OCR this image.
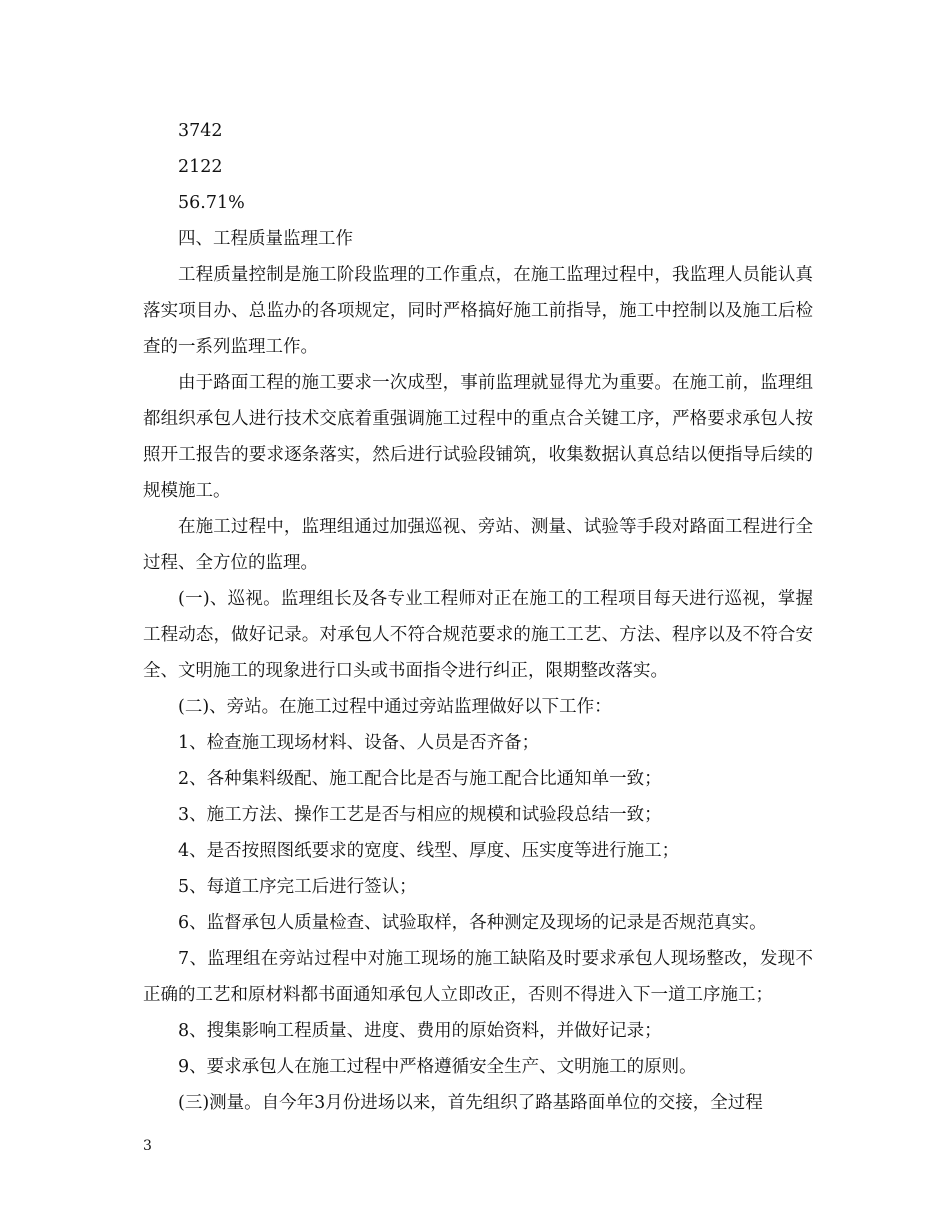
3742
2122
56.71%
四、工程质量监理工作

工程质量控制是施工阶段监理的工作重点，在施工监理过程中，我监理人员能认真落实项目办、总监办的各项规定，同时严格搞好施工前指导，施工中控制以及施工后检查的一系列监理工作。

由于路面工程的施工要求一次成型，事前监理就显得尤为重要。在施工前，监理组都组织承包人进行技术交底着重强调施工过程中的重点合关键工序，严格要求承包人按照开工报告的要求逐条落实，然后进行试验段铺筑，收集数据认真总结以便指导后续的规模施工。

在施工过程中，监理组通过加强巡视、旁站、测量、试验等手段对路面工程进行全过程、全方位的监理。

(一)、巡视。监理组长及各专业工程师对正在施工的工程项目每天进行巡视，掌握工程动态，做好记录。对承包人不符合规范要求的施工工艺、方法、程序以及不符合安全、文明施工的现象进行口头或书面指令进行纠正，限期整改落实。

(二)、旁站。在施工过程中通过旁站监理做好以下工作：

1、检查施工现场材料、设备、人员是否齐备；

2、各种集料级配、施工配合比是否与施工配合比通知单一致；

3、施工方法、操作工艺是否与相应的规模和试验段总结一致；

4、是否按照图纸要求的宽度、线型、厚度、压实度等进行施工；

5、每道工序完工后进行签认；

6、监督承包人质量检查、试验取样，各种测定及现场的记录是否规范真实。

7、监理组在旁站过程中对施工现场的施工缺陷及时要求承包人现场整改，发现不正确的工艺和原材料都书面通知承包人立即改正，否则不得进入下一道工序施工；

8、搜集影响工程质量、进度、费用的原始资料，并做好记录；

9、要求承包人在施工过程中严格遵循安全生产、文明施工的原则。

(三)测量。自今年3月份进场以来，首先组织了路基路面单位的交接，全过程

3
